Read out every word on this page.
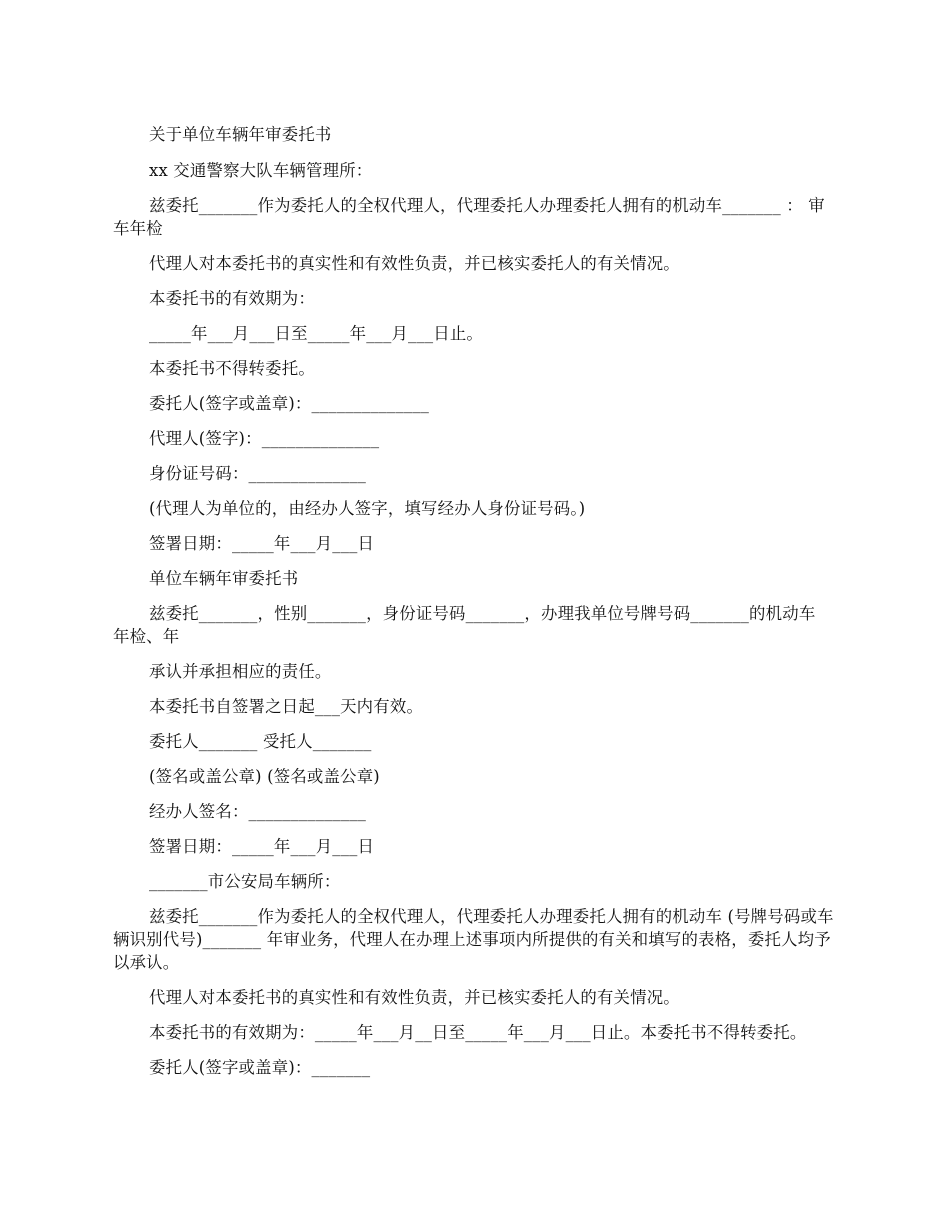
关于单位车辆年审委托书

xx 交通警察大队车辆管理所：

兹委托_______作为委托人的全权代理人，代理委托人办理委托人拥有的机动车_______ ： 审车年检

代理人对本委托书的真实性和有效性负责，并已核实委托人的有关情况。

本委托书的有效期为：

_____年___月___日至_____年___月___日止。

本委托书不得转委托。

委托人(签字或盖章)：______________

代理人(签字)：______________

身份证号码：______________

(代理人为单位的，由经办人签字，填写经办人身份证号码。)

签署日期：_____年___月___日

单位车辆年审委托书

兹委托_______，性别_______，身份证号码_______，办理我单位号牌号码_______的机动车 年检、年

承认并承担相应的责任。

本委托书自签署之日起___天内有效。

委托人_______ 受托人_______

(签名或盖公章) (签名或盖公章)

经办人签名：______________

签署日期：_____年___月___日

_______市公安局车辆所：

兹委托_______作为委托人的全权代理人，代理委托人办理委托人拥有的机动车 (号牌号码或车辆识别代号)_______ 年审业务，代理人在办理上述事项内所提供的有关和填写的表格，委托人均予以承认。

代理人对本委托书的真实性和有效性负责，并已核实委托人的有关情况。

本委托书的有效期为：_____年___月__日至_____年___月___日止。本委托书不得转委托。

委托人(签字或盖章)：_______
